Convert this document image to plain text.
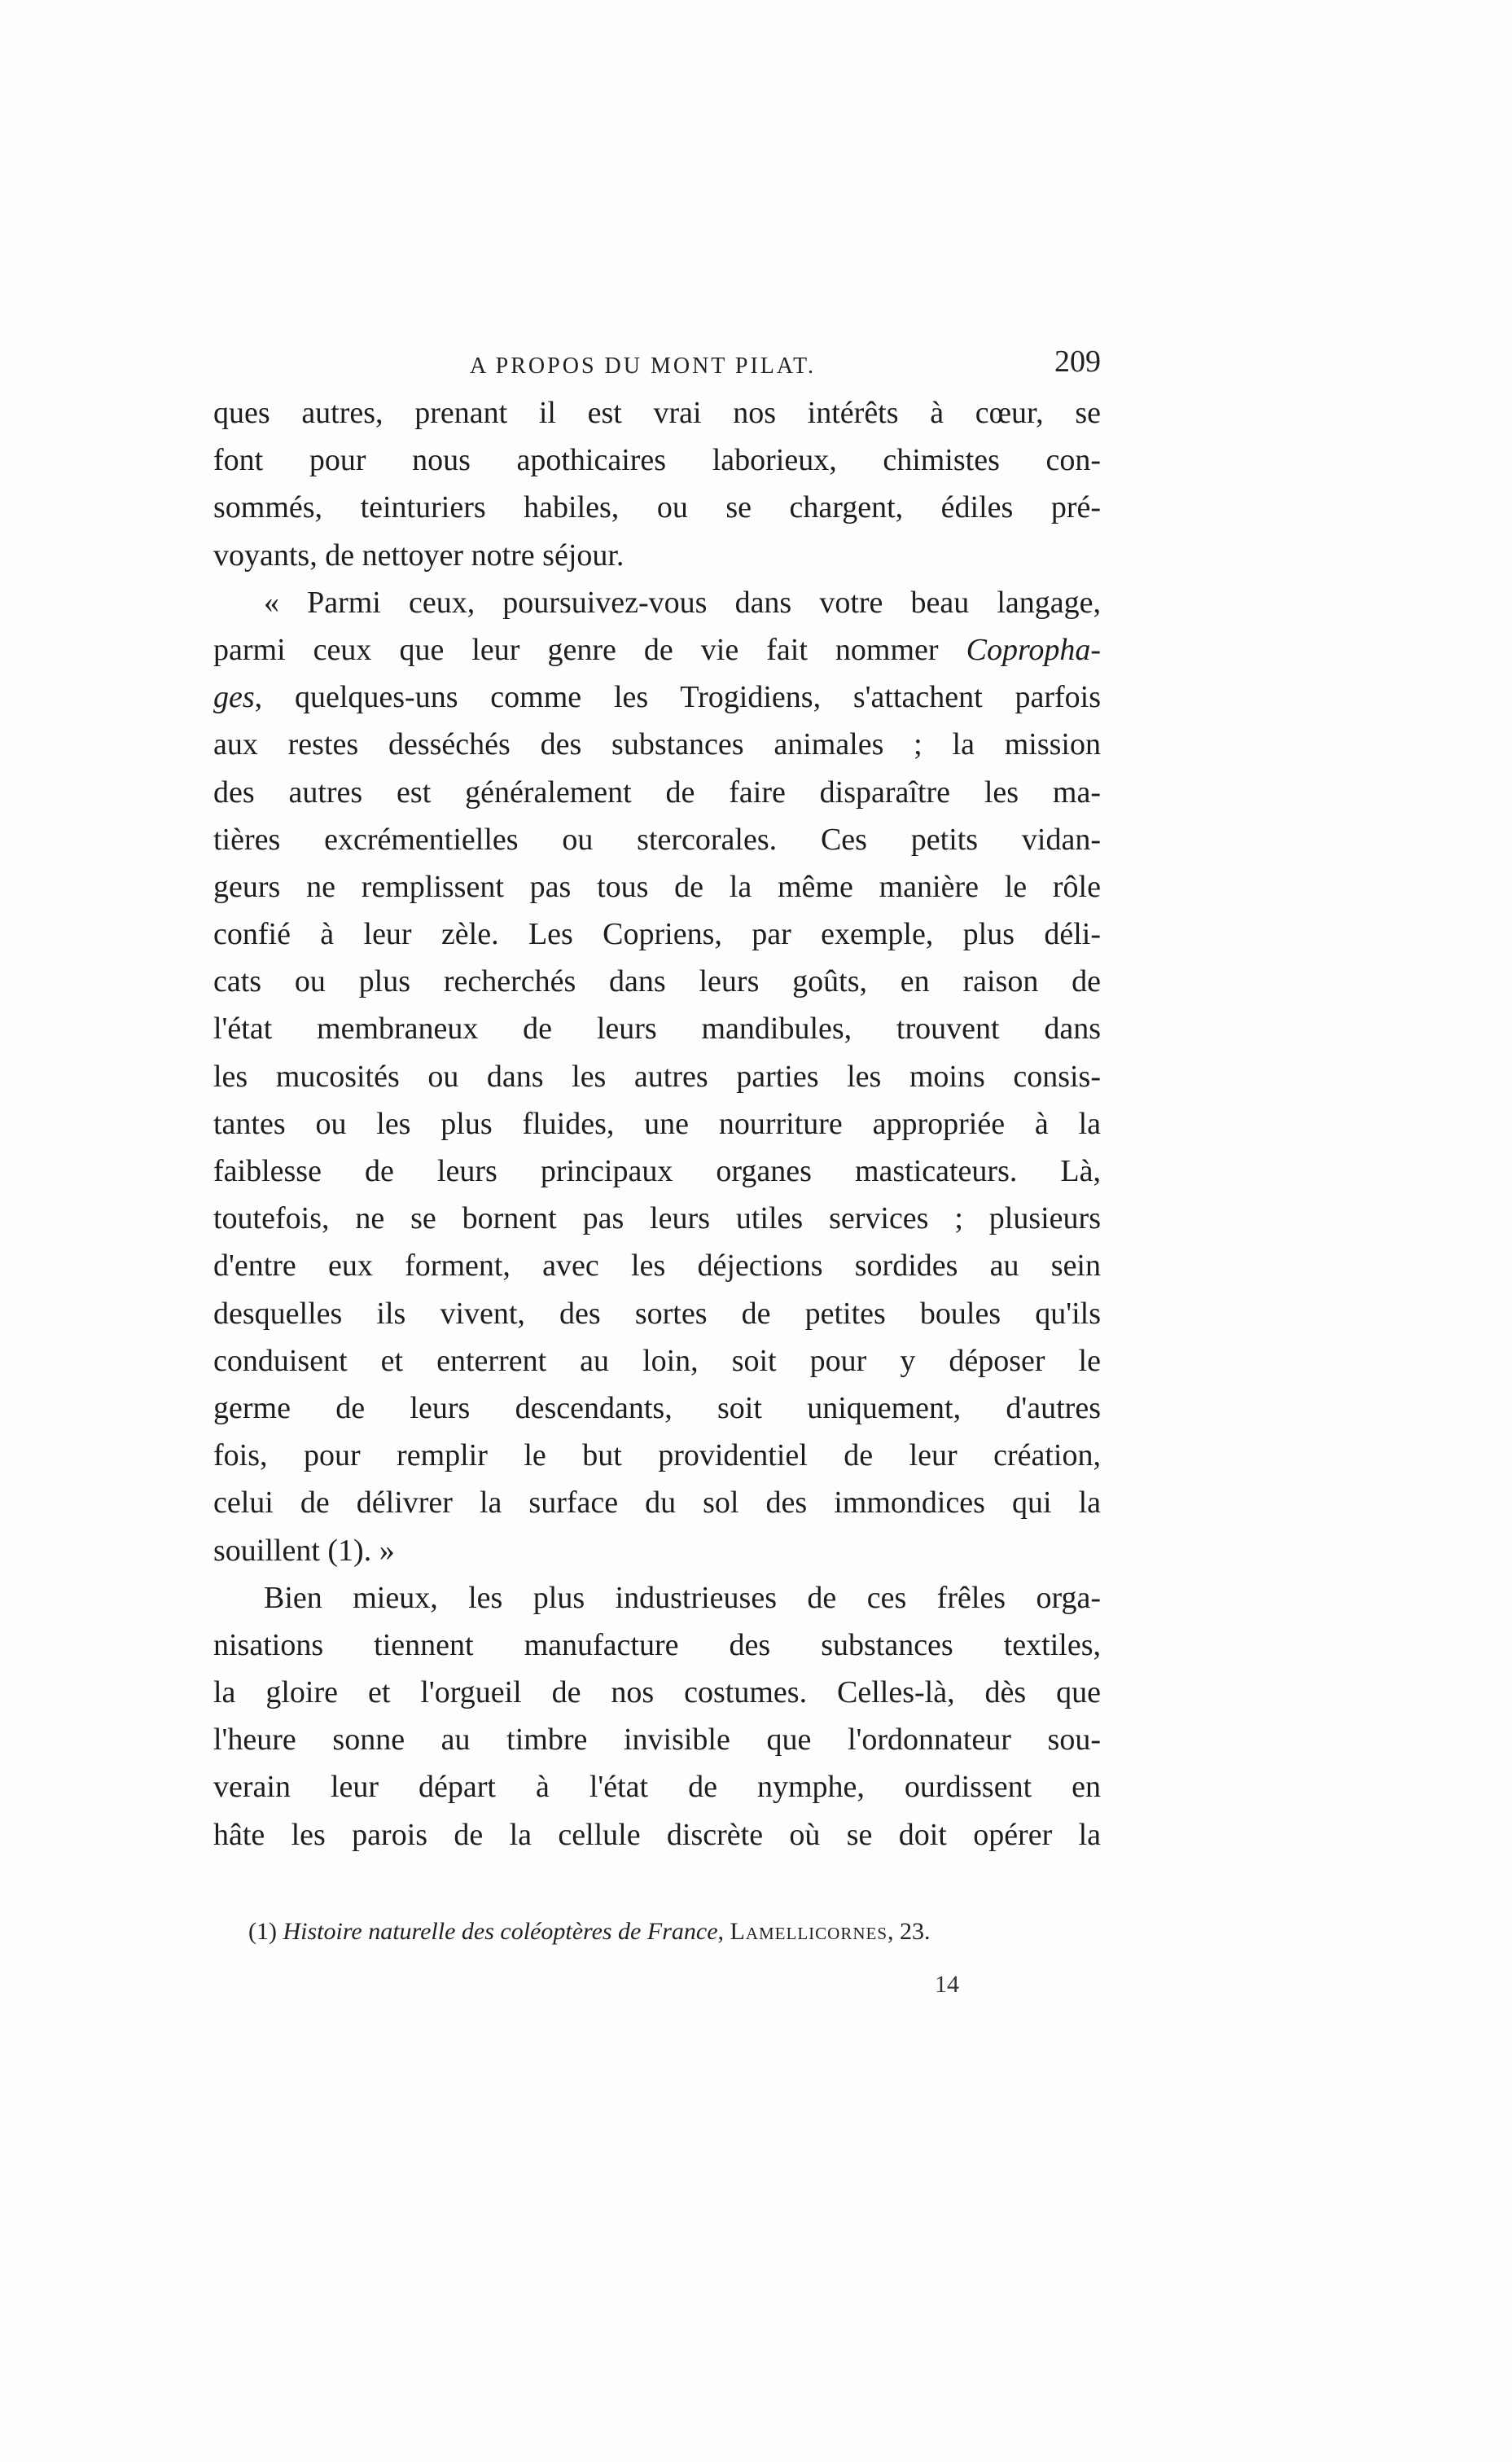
A PROPOS DU MONT PILAT.	209
ques autres, prenant il est vrai nos intérêts à cœur, se
font pour nous apothicaires laborieux, chimistes con-
sommés, teinturiers habiles, ou se chargent, édiles pré-
voyants, de nettoyer notre séjour.
« Parmi ceux, poursuivez-vous dans votre beau langage,
parmi ceux que leur genre de vie fait nommer Copropha-
ges, quelques-uns comme les Trogidiens, s'attachent parfois
aux restes desséchés des substances animales ; la mission
des autres est généralement de faire disparaître les ma-
tières excrémentielles ou stercorales. Ces petits vidan-
geurs ne remplissent pas tous de la même manière le rôle
confié à leur zèle. Les Copriens, par exemple, plus déli-
cats ou plus recherchés dans leurs goûts, en raison de
l'état membraneux de leurs mandibules, trouvent dans
les mucosités ou dans les autres parties les moins consis-
tantes ou les plus fluides, une nourriture appropriée à la
faiblesse de leurs principaux organes masticateurs. Là,
toutefois, ne se bornent pas leurs utiles services ; plusieurs
d'entre eux forment, avec les déjections sordides au sein
desquelles ils vivent, des sortes de petites boules qu'ils
conduisent et enterrent au loin, soit pour y déposer le
germe de leurs descendants, soit uniquement, d'autres
fois, pour remplir le but providentiel de leur création,
celui de délivrer la surface du sol des immondices qui la
souillent (1). »
Bien mieux, les plus industrieuses de ces frêles orga-
nisations tiennent manufacture des substances textiles,
la gloire et l'orgueil de nos costumes. Celles-là, dès que
l'heure sonne au timbre invisible que l'ordonnateur sou-
verain leur départ à l'état de nymphe, ourdissent en
hâte les parois de la cellule discrète où se doit opérer la
(1) Histoire naturelle des coléoptères de France, Lamellicornes, 23.
14
